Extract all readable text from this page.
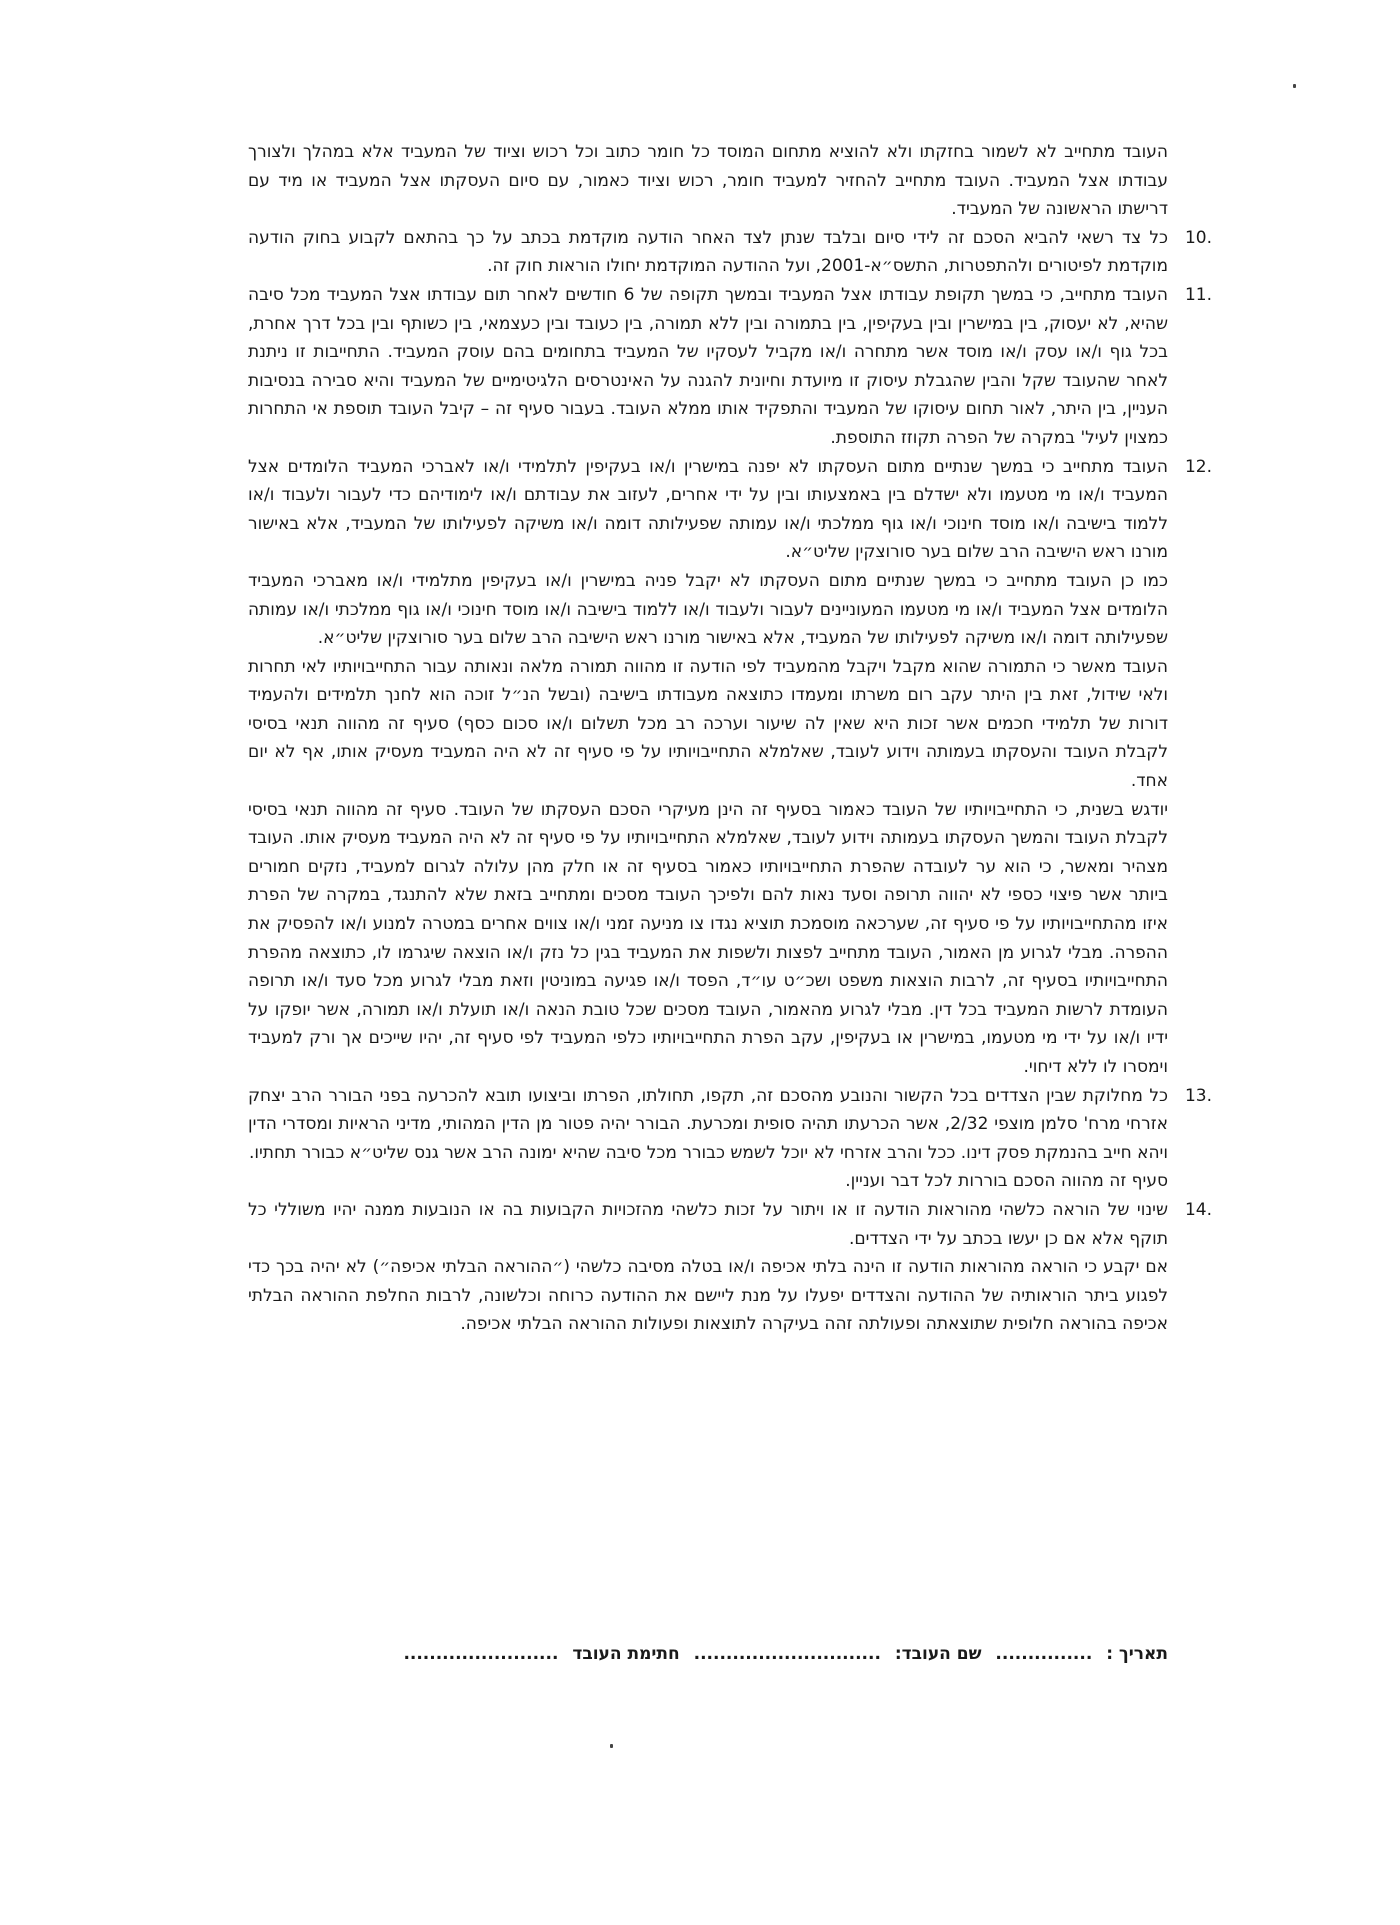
העובד מתחייב לא לשמור בחזקתו ולא להוציא מתחום המוסד כל חומר כתוב וכל רכוש וציוד של המעביד אלא במהלך ולצורך עבודתו אצל המעביד. העובד מתחייב להחזיר למעביד חומר, רכוש וציוד כאמור, עם סיום העסקתו אצל המעביד או מיד עם דרישתו הראשונה של המעביד.

10.

כל צד רשאי להביא הסכם זה לידי סיום ובלבד שנתן לצד האחר הודעה מוקדמת בכתב על כך בהתאם לקבוע בחוק הודעה מוקדמת לפיטורים ולהתפטרות, התשס״א-2001, ועל ההודעה המוקדמת יחולו הוראות חוק זה.

11.

העובד מתחייב, כי במשך תקופת עבודתו אצל המעביד ובמשך תקופה של 6 חודשים לאחר תום עבודתו אצל המעביד מכל סיבה שהיא, לא יעסוק, בין במישרין ובין בעקיפין, בין בתמורה ובין ללא תמורה, בין כעובד ובין כעצמאי, בין כשותף ובין בכל דרך אחרת, בכל גוף ו/או עסק ו/או מוסד אשר מתחרה ו/או מקביל לעסקיו של המעביד בתחומים בהם עוסק המעביד. התחייבות זו ניתנת לאחר שהעובד שקל והבין שהגבלת עיסוק זו מיועדת וחיונית להגנה על האינטרסים הלגיטימיים של המעביד והיא סבירה בנסיבות העניין, בין היתר, לאור תחום עיסוקו של המעביד והתפקיד אותו ממלא העובד. בעבור סעיף זה – קיבל העובד תוספת אי התחרות כמצוין לעיל' במקרה של הפרה תקוזז התוספת.

12.

העובד מתחייב כי במשך שנתיים מתום העסקתו לא יפנה במישרין ו/או בעקיפין לתלמידי ו/או לאברכי המעביד הלומדים אצל המעביד ו/או מי מטעמו ולא ישדלם בין באמצעותו ובין על ידי אחרים, לעזוב את עבודתם ו/או לימודיהם כדי לעבור ולעבוד ו/או ללמוד בישיבה ו/או מוסד חינוכי ו/או גוף ממלכתי ו/או עמותה שפעילותה דומה ו/או משיקה לפעילותו של המעביד, אלא באישור מורנו ראש הישיבה הרב שלום בער סורוצקין שליט״א.

כמו כן העובד מתחייב כי במשך שנתיים מתום העסקתו לא יקבל פניה במישרין ו/או בעקיפין מתלמידי ו/או מאברכי המעביד הלומדים אצל המעביד ו/או מי מטעמו המעוניינים לעבור ולעבוד ו/או ללמוד בישיבה ו/או מוסד חינוכי ו/או גוף ממלכתי ו/או עמותה שפעילותה דומה ו/או משיקה לפעילותו של המעביד, אלא באישור מורנו ראש הישיבה הרב שלום בער סורוצקין שליט״א.

העובד מאשר כי התמורה שהוא מקבל ויקבל מהמעביד לפי הודעה זו מהווה תמורה מלאה ונאותה עבור התחייבויותיו לאי תחרות ולאי שידול, זאת בין היתר עקב רום משרתו ומעמדו כתוצאה מעבודתו בישיבה (ובשל הנ״ל זוכה הוא לחנך תלמידים ולהעמיד דורות של תלמידי חכמים אשר זכות היא שאין לה שיעור וערכה רב מכל תשלום ו/או סכום כסף) סעיף זה מהווה תנאי בסיסי לקבלת העובד והעסקתו בעמותה וידוע לעובד, שאלמלא התחייבויותיו על פי סעיף זה לא היה המעביד מעסיק אותו, אף לא יום אחד.

יודגש בשנית, כי התחייבויותיו של העובד כאמור בסעיף זה הינן מעיקרי הסכם העסקתו של העובד. סעיף זה מהווה תנאי בסיסי לקבלת העובד והמשך העסקתו בעמותה וידוע לעובד, שאלמלא התחייבויותיו על פי סעיף זה לא היה המעביד מעסיק אותו. העובד מצהיר ומאשר, כי הוא ער לעובדה שהפרת התחייבויותיו כאמור בסעיף זה או חלק מהן עלולה לגרום למעביד, נזקים חמורים ביותר אשר פיצוי כספי לא יהווה תרופה וסעד נאות להם ולפיכך העובד מסכים ומתחייב בזאת שלא להתנגד, במקרה של הפרת איזו מהתחייבויותיו על פי סעיף זה, שערכאה מוסמכת תוציא נגדו צו מניעה זמני ו/או צווים אחרים במטרה למנוע ו/או להפסיק את ההפרה. מבלי לגרוע מן האמור, העובד מתחייב לפצות ולשפות את המעביד בגין כל נזק ו/או הוצאה שיגרמו לו, כתוצאה מהפרת התחייבויותיו בסעיף זה, לרבות הוצאות משפט ושכ״ט עו״ד, הפסד ו/או פגיעה במוניטין וזאת מבלי לגרוע מכל סעד ו/או תרופה העומדת לרשות המעביד בכל דין. מבלי לגרוע מהאמור, העובד מסכים שכל טובת הנאה ו/או תועלת ו/או תמורה, אשר יופקו על ידיו ו/או על ידי מי מטעמו, במישרין או בעקיפין, עקב הפרת התחייבויותיו כלפי המעביד לפי סעיף זה, יהיו שייכים אך ורק למעביד וימסרו לו ללא דיחוי.

13.

כל מחלוקת שבין הצדדים בכל הקשור והנובע מהסכם זה, תקפו, תחולתו, הפרתו וביצועו תובא להכרעה בפני הבורר הרב יצחק אזרחי מרח' סלמן מוצפי 2/32, אשר הכרעתו תהיה סופית ומכרעת. הבורר יהיה פטור מן הדין המהותי, מדיני הראיות ומסדרי הדין ויהא חייב בהנמקת פסק דינו. ככל והרב אזרחי לא יוכל לשמש כבורר מכל סיבה שהיא ימונה הרב אשר גנס שליט״א כבורר תחתיו.

סעיף זה מהווה הסכם בוררות לכל דבר ועניין.

14.

שינוי של הוראה כלשהי מהוראות הודעה זו או ויתור על זכות כלשהי מהזכויות הקבועות בה או הנובעות ממנה יהיו משוללי כל תוקף אלא אם כן יעשו בכתב על ידי הצדדים.

אם יקבע כי הוראה מהוראות הודעה זו הינה בלתי אכיפה ו/או בטלה מסיבה כלשהי (״ההוראה הבלתי אכיפה״) לא יהיה בכך כדי לפגוע ביתר הוראותיה של ההודעה והצדדים יפעלו על מנת ליישם את ההודעה כרוחה וכלשונה, לרבות החלפת ההוראה הבלתי אכיפה בהוראה חלופית שתוצאתה ופעולתה זהה בעיקרה לתוצאות ופעולות ההוראה הבלתי אכיפה.

תאריך : ............... שם העובד: ............................. חתימת העובד ........................
